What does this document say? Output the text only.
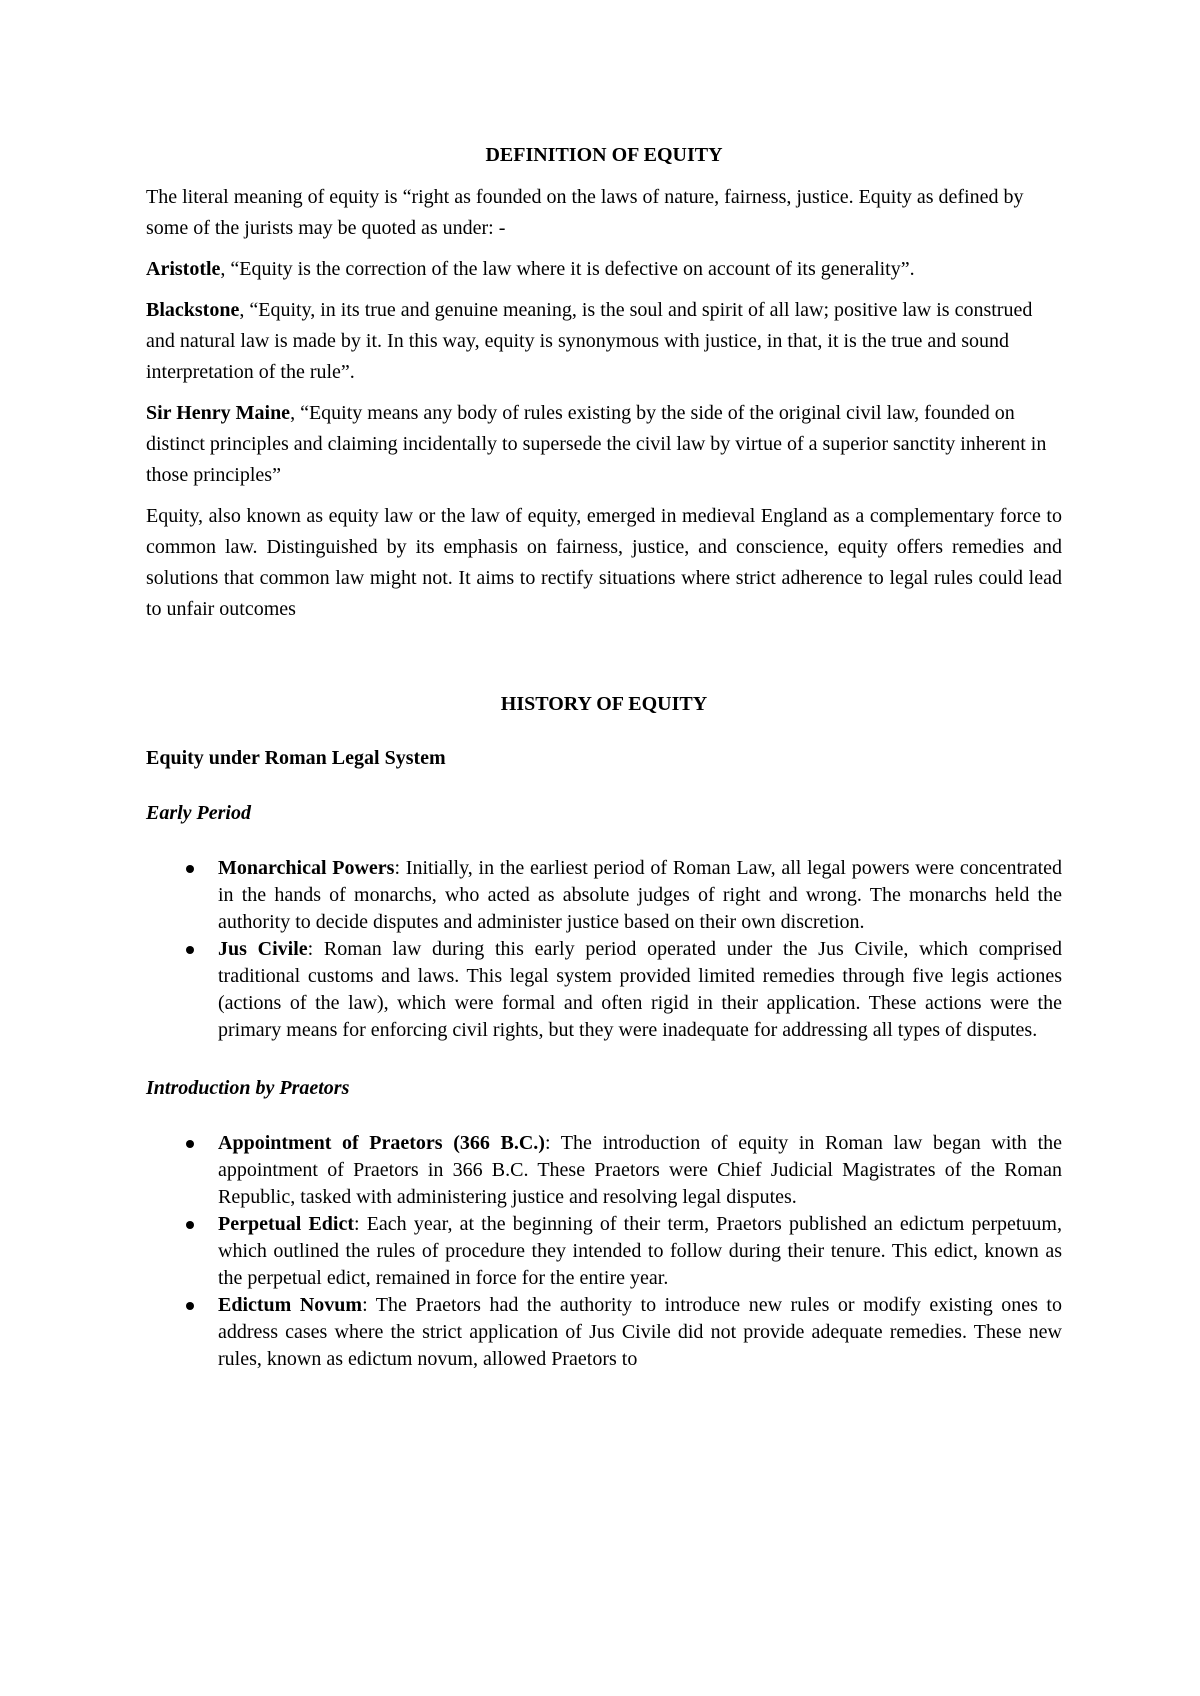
DEFINITION OF EQUITY

The literal meaning of equity is “right as founded on the laws of nature, fairness, justice. Equity as defined by some of the jurists may be quoted as under: -

Aristotle, “Equity is the correction of the law where it is defective on account of its generality”.

Blackstone, “Equity, in its true and genuine meaning, is the soul and spirit of all law; positive law is construed and natural law is made by it. In this way, equity is synonymous with justice, in that, it is the true and sound interpretation of the rule”.

Sir Henry Maine, “Equity means any body of rules existing by the side of the original civil law, founded on distinct principles and claiming incidentally to supersede the civil law by virtue of a superior sanctity inherent in those principles”

Equity, also known as equity law or the law of equity, emerged in medieval England as a complementary force to common law. Distinguished by its emphasis on fairness, justice, and conscience, equity offers remedies and solutions that common law might not. It aims to rectify situations where strict adherence to legal rules could lead to unfair outcomes

HISTORY OF EQUITY

Equity under Roman Legal System

Early Period

Monarchical Powers: Initially, in the earliest period of Roman Law, all legal powers were concentrated in the hands of monarchs, who acted as absolute judges of right and wrong. The monarchs held the authority to decide disputes and administer justice based on their own discretion.
Jus Civile: Roman law during this early period operated under the Jus Civile, which comprised traditional customs and laws. This legal system provided limited remedies through five legis actiones (actions of the law), which were formal and often rigid in their application. These actions were the primary means for enforcing civil rights, but they were inadequate for addressing all types of disputes.

Introduction by Praetors

Appointment of Praetors (366 B.C.): The introduction of equity in Roman law began with the appointment of Praetors in 366 B.C. These Praetors were Chief Judicial Magistrates of the Roman Republic, tasked with administering justice and resolving legal disputes.
Perpetual Edict: Each year, at the beginning of their term, Praetors published an edictum perpetuum, which outlined the rules of procedure they intended to follow during their tenure. This edict, known as the perpetual edict, remained in force for the entire year.
Edictum Novum: The Praetors had the authority to introduce new rules or modify existing ones to address cases where the strict application of Jus Civile did not provide adequate remedies. These new rules, known as edictum novum, allowed Praetors to
